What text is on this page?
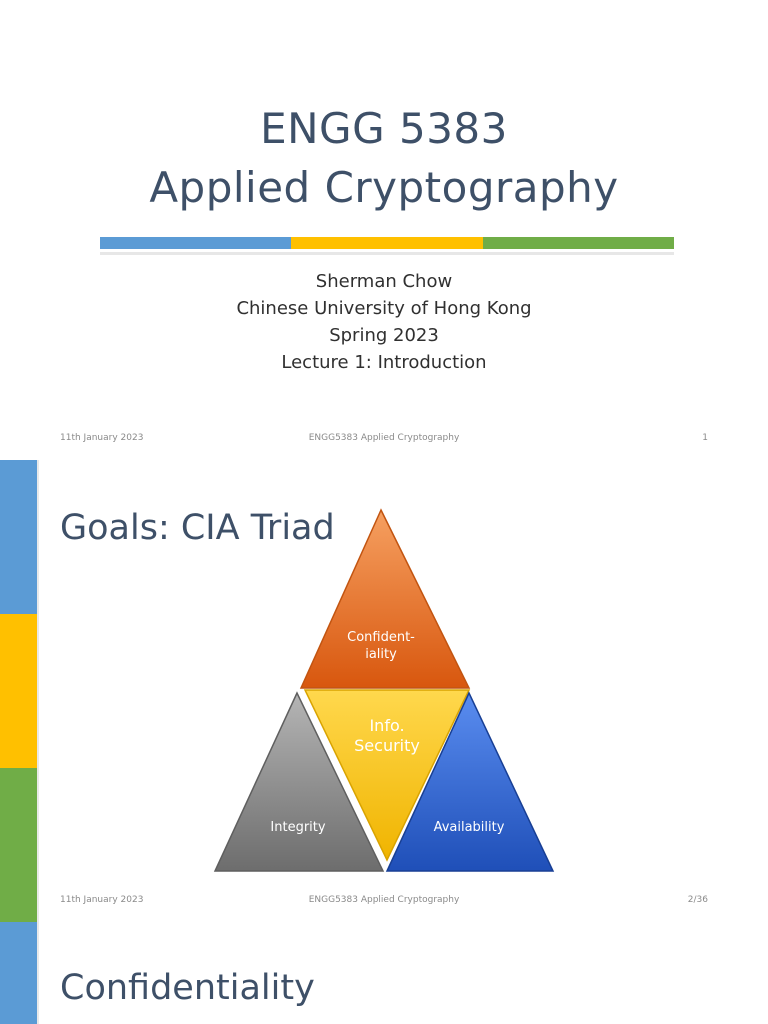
ENGG 5383
Applied Cryptography
Sherman Chow
Chinese University of Hong Kong
Spring 2023
Lecture 1: Introduction
11th January 2023	ENGG5383 Applied Cryptography	1
Goals: CIA Triad
Confident-
iality
Info.
Security
Integrity	Availability
11th January 2023	ENGG5383 Applied Cryptography	2/36
Confidentiality
